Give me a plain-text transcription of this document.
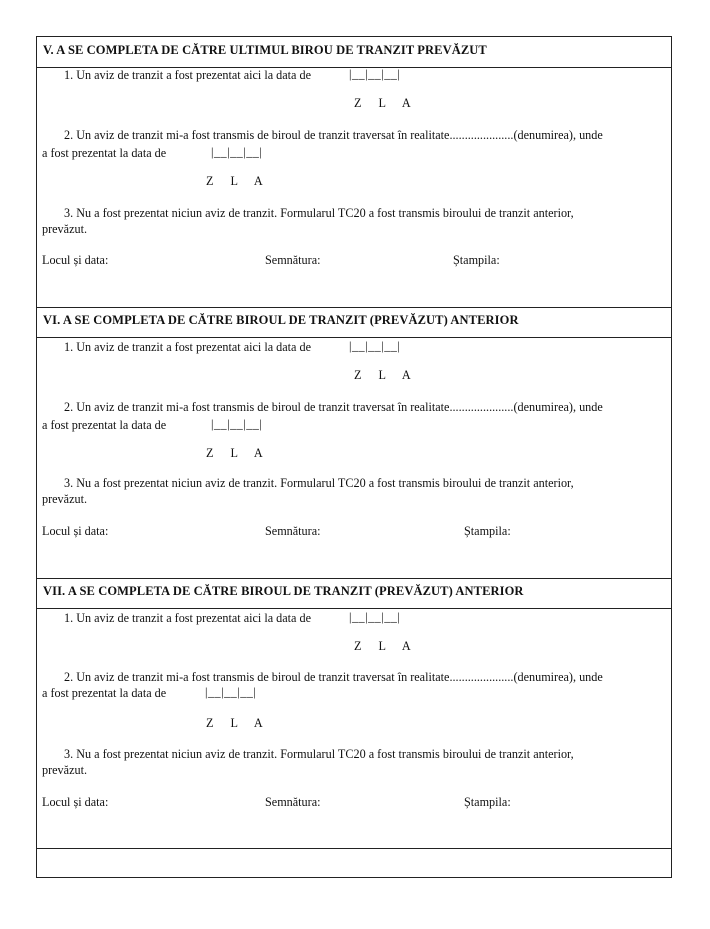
V. A SE COMPLETA DE CĂTRE ULTIMUL BIROU DE TRANZIT PREVĂZUT
1. Un aviz de tranzit a fost prezentat aici la data de	|__|__|__|
Z L A
2. Un aviz de tranzit mi-a fost transmis de biroul de tranzit traversat în realitate.....................(denumirea), unde
a fost prezentat la data de	|__|__|__|
Z L A
3. Nu a fost prezentat niciun aviz de tranzit. Formularul TC20 a fost transmis biroului de tranzit anterior,
prevăzut.
Locul și data:	Semnătura:	Ștampila:
VI. A SE COMPLETA DE CĂTRE BIROUL DE TRANZIT (PREVĂZUT) ANTERIOR
1. Un aviz de tranzit a fost prezentat aici la data de	|__|__|__|
Z L A
2. Un aviz de tranzit mi-a fost transmis de biroul de tranzit traversat în realitate.....................(denumirea), unde
a fost prezentat la data de	|__|__|__|
Z L A
3. Nu a fost prezentat niciun aviz de tranzit. Formularul TC20 a fost transmis biroului de tranzit anterior,
prevăzut.
Locul și data:	Semnătura:	Ștampila:
VII. A SE COMPLETA DE CĂTRE BIROUL DE TRANZIT (PREVĂZUT) ANTERIOR
1. Un aviz de tranzit a fost prezentat aici la data de	|__|__|__|
Z L A
2. Un aviz de tranzit mi-a fost transmis de biroul de tranzit traversat în realitate.....................(denumirea), unde
a fost prezentat la data de	|__|__|__|
Z L A
3. Nu a fost prezentat niciun aviz de tranzit. Formularul TC20 a fost transmis biroului de tranzit anterior,
prevăzut.
Locul și data:	Semnătura:	Ștampila:
